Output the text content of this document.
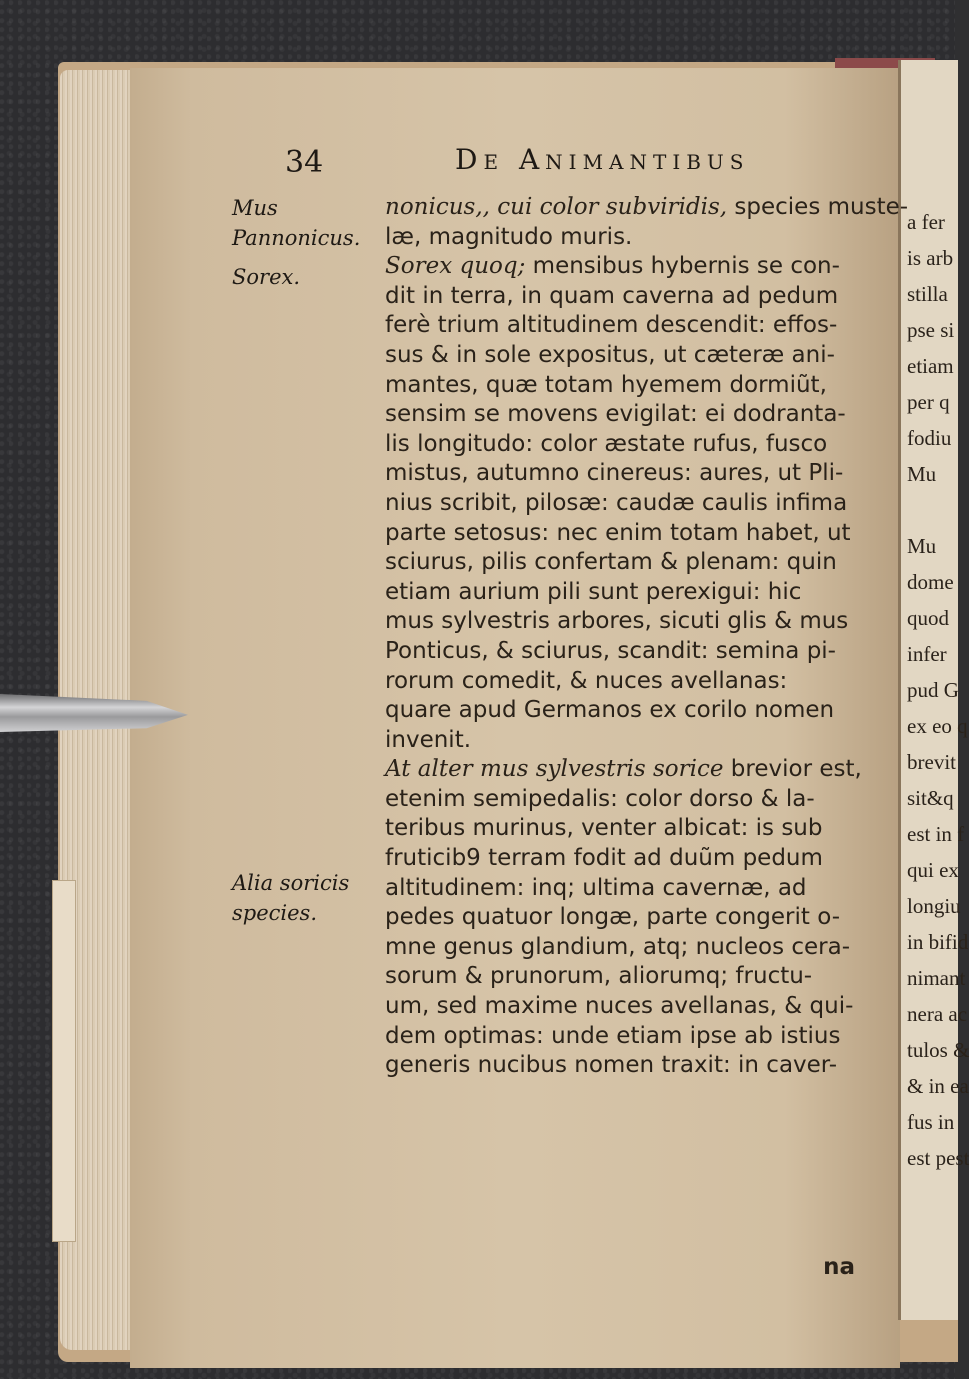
a fer
is arb
stilla
pse si
etiam
per q
fodiu
Mu
Mu
dome
quod
infer
pud G
ex eo q
brevit
sit&q
est in f
qui ex
longiu
in bifid
nimant
nera ac
tulos &
& in ea
fus in
est pest
34	De Animantibus
Mus Pannonicus.
Sorex.
Alia soricis species.
nonicus,, cui color subviridis, species muste-
læ, magnitudo muris.
Sorex quoq; mensibus hybernis se con-
dit in terra, in quam caverna ad pedum
ferè trium altitudinem descendit: effos-
sus & in sole expositus, ut cæteræ ani-
mantes, quæ totam hyemem dormiũt,
sensim se movens evigilat: ei dodranta-
lis longitudo: color æstate rufus, fusco
mistus, autumno cinereus: aures, ut Pli-
nius scribit, pilosæ: caudæ caulis infima
parte setosus: nec enim totam habet, ut
sciurus, pilis confertam & plenam: quin
etiam aurium pili sunt perexigui: hic
mus sylvestris arbores, sicuti glis & mus
Ponticus, & sciurus, scandit: semina pi-
rorum comedit, & nuces avellanas:
quare apud Germanos ex corilo nomen
invenit.
At alter mus sylvestris sorice brevior est,
etenim semipedalis: color dorso & la-
teribus murinus, venter albicat: is sub
fruticib9 terram fodit ad duũm pedum
altitudinem: inq; ultima cavernæ, ad
pedes quatuor longæ, parte congerit o-
mne genus glandium, atq; nucleos cera-
sorum & prunorum, aliorumq; fructu-
um, sed maxime nuces avellanas, & qui-
dem optimas: unde etiam ipse ab istius
generis nucibus nomen traxit: in caver-
na
